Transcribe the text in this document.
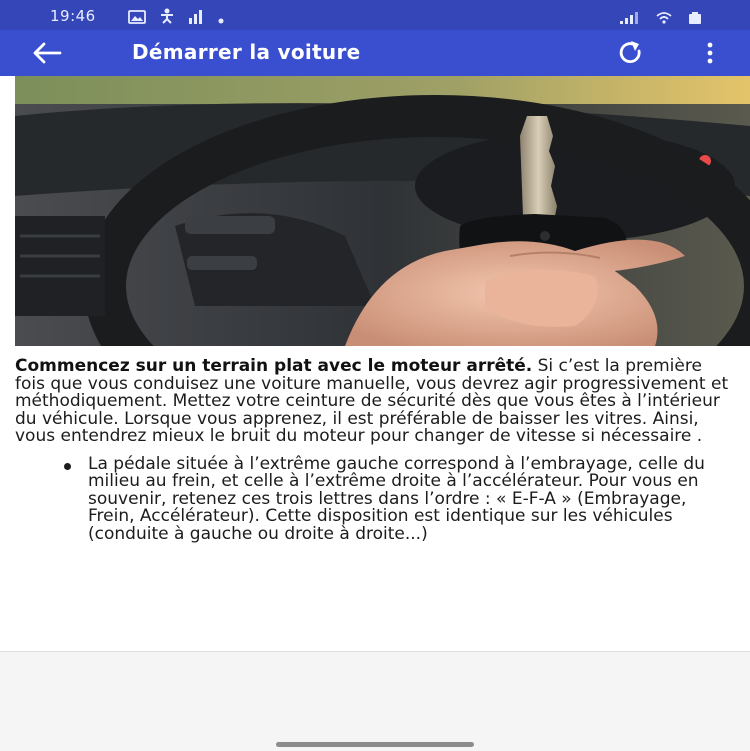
19:46
Démarrer la voiture

Commencez sur un terrain plat avec le moteur arrêté. Si c’est la première fois que vous conduisez une voiture manuelle, vous devrez agir progressivement et méthodiquement. Mettez votre ceinture de sécurité dès que vous êtes à l’intérieur du véhicule. Lorsque vous apprenez, il est préférable de baisser les vitres. Ainsi, vous entendrez mieux le bruit du moteur pour changer de vitesse si nécessaire .

La pédale située à l’extrême gauche correspond à l’embrayage, celle du milieu au frein, et celle à l’extrême droite à l’accélérateur. Pour vous en souvenir, retenez ces trois lettres dans l’ordre : « E-F-A » (Embrayage, Frein, Accélérateur). Cette disposition est identique sur les véhicules (conduite à gauche ou droite à droite...)
